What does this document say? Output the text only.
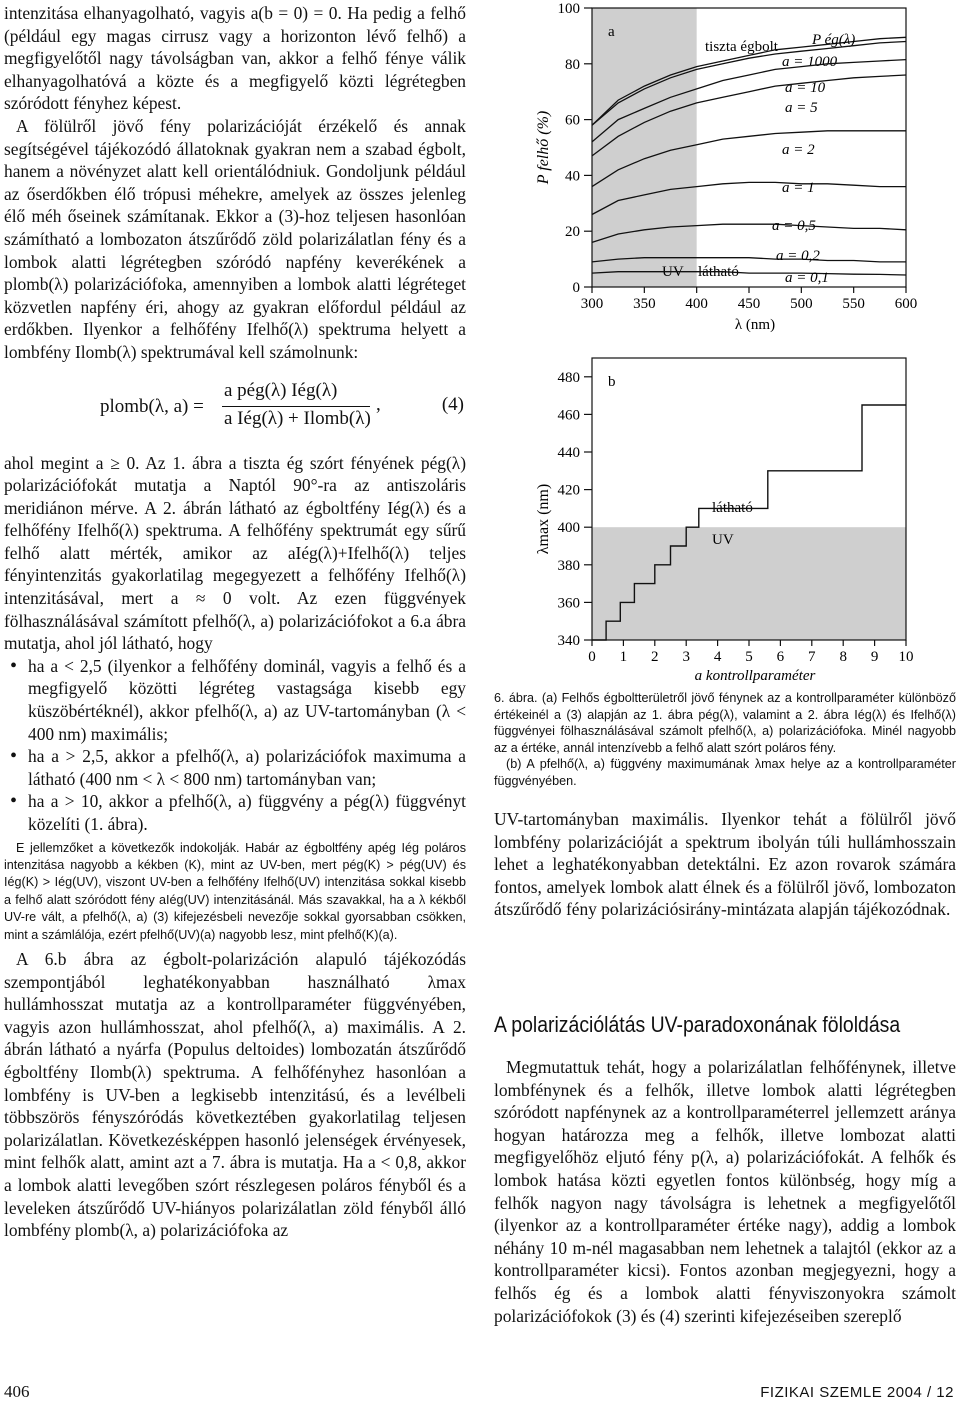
intenzitása elhanyagolható, vagyis a(b = 0) = 0. Ha pedig a felhő (például egy magas cirrusz vagy a horizonton lévő felhő) a megfigyelőtől nagy távolságban van, akkor a felhő fénye válik elhanyagolhatóvá a közte és a megfigyelő közti légrétegben szóródott fényhez képest.

A fölülről jövő fény polarizációját érzékelő és annak segítségével tájékozódó állatoknak gyakran nem a szabad égbolt, hanem a növényzet alatt kell orientálódniuk. Gondoljunk például az őserdőkben élő trópusi méhekre, amelyek az összes jelenleg élő méh őseinek számítanak. Ekkor a (3)-hoz teljesen hasonlóan számítható a lombozaton átszűrődő zöld polarizálatlan fény és a lombok alatti légrétegben szóródó napfény keverékének a plomb(λ) polarizációfoka, amennyiben a lombok alatti légréteget közvetlen napfény éri, ahogy az gyakran előfordul például az erdőkben. Ilyenkor a felhőfény Ifelhő(λ) spektruma helyett a lombfény Ilomb(λ) spektrumával kell számolnunk:

plomb(λ, a) =
a pég(λ) Iég(λ)
a Iég(λ) + Ilomb(λ)
,	(4)

ahol megint a ≥ 0. Az 1. ábra a tiszta ég szórt fényének pég(λ) polarizációfokát mutatja a Naptól 90°-ra az antiszoláris meridiánon mérve. A 2. ábrán látható az égboltfény Iég(λ) és a felhőfény Ifelhő(λ) spektruma. A felhőfény spektrumát egy sűrű felhő alatt mérték, amikor az aIég(λ)+Ifelhő(λ) teljes fényintenzitás gyakorlatilag megegyezett a felhőfény Ifelhő(λ) intenzitásával, mert a ≈ 0 volt. Az ezen függvények fölhasználásával számított pfelhő(λ, a) polarizációfokot a 6.a ábra mutatja, ahol jól látható, hogy

• ha a < 2,5 (ilyenkor a felhőfény dominál, vagyis a felhő és a megfigyelő közötti légréteg vastagsága kisebb egy küszöbértéknél), akkor pfelhő(λ, a) az UV-tartományban (λ < 400 nm) maximális;
• ha a > 2,5, akkor a pfelhő(λ, a) polarizációfok maximuma a látható (400 nm < λ < 800 nm) tartományban van;
• ha a > 10, akkor a pfelhő(λ, a) függvény a pég(λ) függvényt közelíti (1. ábra).

E jellemzőket a következők indokolják. Habár az égboltfény apég Iég poláros intenzitása nagyobb a kékben (K), mint az UV-ben, mert pég(K) > pég(UV) és Iég(K) > Iég(UV), viszont UV-ben a felhőfény Ifelhő(UV) intenzitása sokkal kisebb a felhő alatt szóródott fény aIég(UV) intenzitásánál. Más szavakkal, ha a λ kékből UV-re vált, a pfelhő(λ, a) (3) kifejezésbeli nevezője sokkal gyorsabban csökken, mint a számlálója, ezért pfelhő(UV)(a) nagyobb lesz, mint pfelhő(K)(a).

A 6.b ábra az égbolt-polarizáción alapuló tájékozódás szempontjából leghatékonyabban használható λmax hullámhosszat mutatja az a kontrollparaméter függvényében, vagyis azon hullámhosszat, ahol pfelhő(λ, a) maximális. A 2. ábrán látható a nyárfa (Populus deltoides) lombozatán átszűrődő égboltfény Ilomb(λ) spektruma. A felhőfényhez hasonlóan a lombfény is UV-ben a legkisebb intenzitású, és a levélbeli többszörös fényszóródás következtében gyakorlatilag teljesen polarizálatlan. Következésképpen hasonló jelenségek érvényesek, mint felhők alatt, amint azt a 7. ábra is mutatja. Ha a < 0,8, akkor a lombok alatti levegőben szórt részlegesen poláros fényből és a leveleken átszűrődő UV-hiányos polarizálatlan zöld fényből álló lombfény plomb(λ, a) polarizációfoka az

0
20
40
60
80
100
300 350 400 450 500 550 600
λ (nm)
P felhő (%)
a
UV látható
tiszta égbolt P ég(λ)
a = 1000
a = 10
a = 5
a = 2
a = 1
a = 0,5
a = 0,2
a = 0,1
340
360
380
400
420
440
460
480
0 1 2 3 4 5 6 7 8 9 10
a kontrollparaméter
λmax (nm)
b
látható
UV

6. ábra. (a) Felhős égboltterületről jövő fénynek az a kontrollparaméter különböző értékeinél a (3) alapján az 1. ábra pég(λ), valamint a 2. ábra Iég(λ) és Ifelhő(λ) függvényei fölhasználásával számolt pfelhő(λ, a) polarizációfoka. Minél nagyobb az a értéke, annál intenzívebb a felhő alatt szórt poláros fény.

(b) A pfelhő(λ, a) függvény maximumának λmax helye az a kontrollparaméter függvényében.

UV-tartományban maximális. Ilyenkor tehát a fölülről jövő lombfény polarizációját a spektrum ibolyán túli hullámhosszain lehet a leghatékonyabban detektálni. Ez azon rovarok számára fontos, amelyek lombok alatt élnek és a fölülről jövő, lombozaton átszűrődő fény polarizációsirány-mintázata alapján tájékozódnak.

A polarizációlátás UV-paradoxonának föloldása

Megmutattuk tehát, hogy a polarizálatlan felhőfénynek, illetve lombfénynek és a felhők, illetve lombok alatti légrétegben szóródott napfénynek az a kontrollparaméterrel jellemzett aránya hogyan határozza meg a felhők, illetve lombozat alatti megfigyelőhöz eljutó fény p(λ, a) polarizációfokát. A felhők és lombok hatása közti egyetlen fontos különbség, hogy míg a felhők nagyon nagy távolságra is lehetnek a megfigyelőtől (ilyenkor az a kontrollparaméter értéke nagy), addig a lombok néhány 10 m-nél magasabban nem lehetnek a talajtól (ekkor az a kontrollparaméter kicsi). Fontos azonban megjegyezni, hogy a felhős ég és a lombok alatti fényviszonyokra számolt polarizációfokok (3) és (4) szerinti kifejezéseiben szereplő

406	FIZIKAI SZEMLE 2004 / 12
